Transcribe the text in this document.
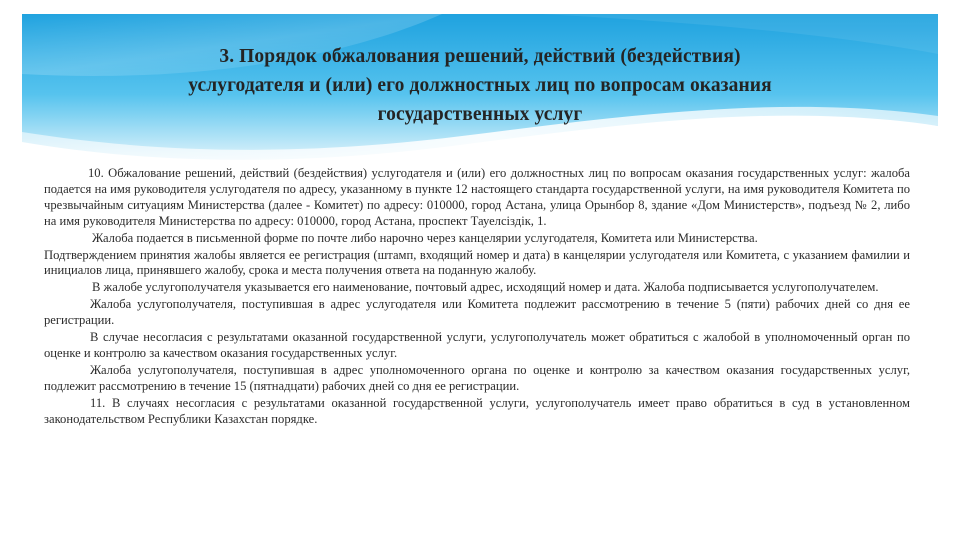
3. Порядок обжалования решений, действий (бездействия)
услугодателя и (или) его должностных лиц по вопросам оказания
государственных услуг

10. Обжалование решений, действий (бездействия) услугодателя и (или) его должностных лиц по вопросам оказания государственных услуг: жалоба подается на имя руководителя услугодателя по адресу, указанному в пункте 12 настоящего стандарта государственной услуги, на имя руководителя Комитета по чрезвычайным ситуациям Министерства (далее - Комитет) по адресу: 010000, город Астана, улица Орынбор 8, здание «Дом Министерств», подъезд № 2, либо на имя руководителя Министерства по адресу: 010000, город Астана, проспект Тауелсіздік, 1.

Жалоба подается в письменной форме по почте либо нарочно через канцелярии услугодателя, Комитета или Министерства.

Подтверждением принятия жалобы является ее регистрация (штамп, входящий номер и дата) в канцелярии услугодателя или Комитета, с указанием фамилии и инициалов лица, принявшего жалобу, срока и места получения ответа на поданную жалобу.

В жалобе услугополучателя указывается его наименование, почтовый адрес, исходящий номер и дата. Жалоба подписывается услугополучателем.

Жалоба услугополучателя, поступившая в адрес услугодателя или Комитета подлежит рассмотрению в течение 5 (пяти) рабочих дней со дня ее регистрации.

В случае несогласия с результатами оказанной государственной услуги, услугополучатель может обратиться с жалобой в уполномоченный орган по оценке и контролю за качеством оказания государственных услуг.

Жалоба услугополучателя, поступившая в адрес уполномоченного органа по оценке и контролю за качеством оказания государственных услуг, подлежит рассмотрению в течение 15 (пятнадцати) рабочих дней со дня ее регистрации.

11. В случаях несогласия с результатами оказанной государственной услуги, услугополучатель имеет право обратиться в суд в установленном законодательством Республики Казахстан порядке.
